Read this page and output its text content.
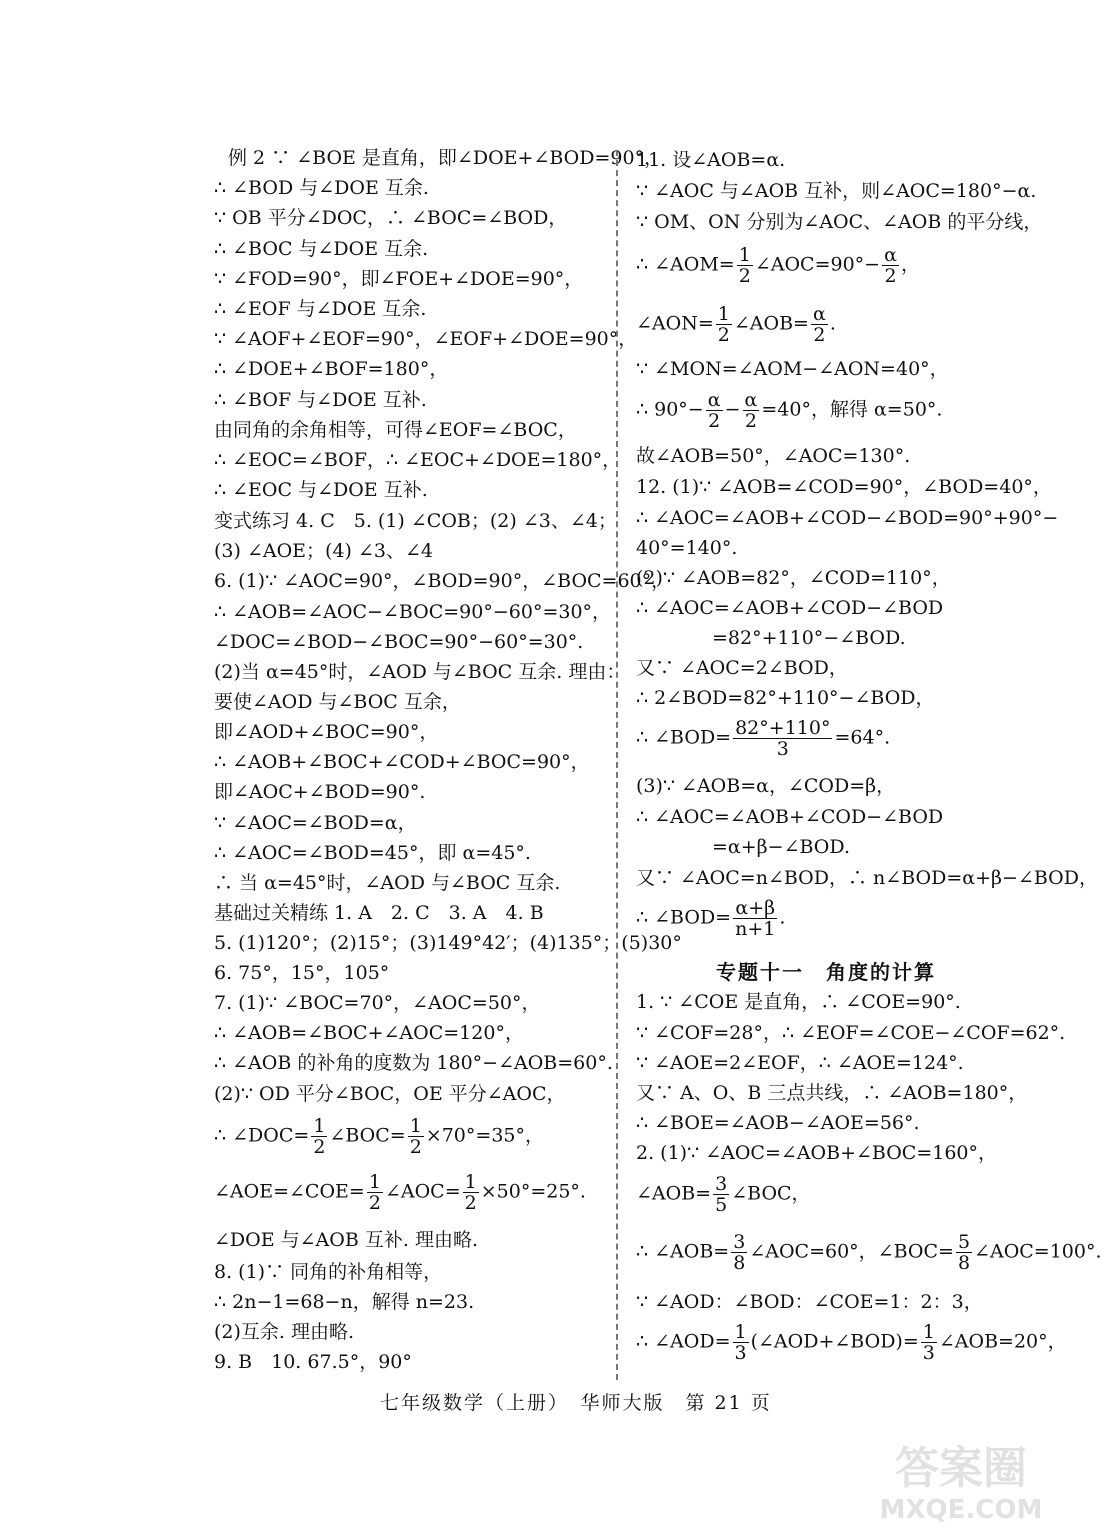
例 2 ∵ ∠BOE 是直角，即∠DOE+∠BOD=90°，
∴ ∠BOD 与∠DOE 互余.
∵ OB 平分∠DOC，∴ ∠BOC=∠BOD，
∴ ∠BOC 与∠DOE 互余.
∵ ∠FOD=90°，即∠FOE+∠DOE=90°，
∴ ∠EOF 与∠DOE 互余.
∵ ∠AOF+∠EOF=90°，∠EOF+∠DOE=90°，
∴ ∠DOE+∠BOF=180°，
∴ ∠BOF 与∠DOE 互补.
由同角的余角相等，可得∠EOF=∠BOC，
∴ ∠EOC=∠BOF，∴ ∠EOC+∠DOE=180°，
∴ ∠EOC 与∠DOE 互补.
变式练习 4. C　5. (1) ∠COB；(2) ∠3、∠4；
(3) ∠AOE；(4) ∠3、∠4
6. (1)∵ ∠AOC=90°，∠BOD=90°，∠BOC=60°，
∴ ∠AOB=∠AOC−∠BOC=90°−60°=30°，
∠DOC=∠BOD−∠BOC=90°−60°=30°.
(2)当 α=45°时，∠AOD 与∠BOC 互余. 理由：
要使∠AOD 与∠BOC 互余，
即∠AOD+∠BOC=90°，
∴ ∠AOB+∠BOC+∠COD+∠BOC=90°，
即∠AOC+∠BOD=90°.
∵ ∠AOC=∠BOD=α，
∴ ∠AOC=∠BOD=45°，即 α=45°.
∴ 当 α=45°时，∠AOD 与∠BOC 互余.
基础过关精练 1. A　2. C　3. A　4. B
5. (1)120°；(2)15°；(3)149°42′；(4)135°；(5)30°
6. 75°，15°，105°
7. (1)∵ ∠BOC=70°，∠AOC=50°，
∴ ∠AOB=∠BOC+∠AOC=120°，
∴ ∠AOB 的补角的度数为 180°−∠AOB=60°.
(2)∵ OD 平分∠BOC，OE 平分∠AOC，
∴ ∠DOC= $\frac{1}{2}$ ∠BOC= $\frac{1}{2} \times 70^\circ=35^\circ$，
∠AOE=∠COE= $\frac{1}{2}$ ∠AOC= $\frac{1}{2} \times 50^\circ=25^\circ$.
∠DOE 与∠AOB 互补. 理由略.
8. (1)∵ 同角的补角相等，
∴ 2n−1=68−n，解得 n=23.
(2)互余. 理由略.
9. B　10. 67.5°，90°
11. 设∠AOB=α.
∵ ∠AOC 与∠AOB 互补，则∠AOC=180°−α.
∵ OM、ON 分别为∠AOC、∠AOB 的平分线，
∴ ∠AOM= $\frac{1}{2}$ ∠AOC=90°− $\frac{\alpha}{2}$ ，
∠AON= $\frac{1}{2}$ ∠AOB= $\frac{\alpha}{2}$ .
∵ ∠MON=∠AOM−∠AON=40°，
∴ $90^\circ- \frac{\alpha}{2} - \frac{\alpha}{2} =40^\circ$，解得 α=50°.
故∠AOB=50°，∠AOC=130°.
12. (1)∵ ∠AOB=∠COD=90°，∠BOD=40°，
∴ ∠AOC=∠AOB+∠COD−∠BOD=90°+90°−
40°=140°.
(2)∵ ∠AOB=82°，∠COD=110°，
∴ ∠AOC=∠AOB+∠COD−∠BOD
=82°+110°−∠BOD.
又∵ ∠AOC=2∠BOD，
∴ 2∠BOD=82°+110°−∠BOD，
∴ ∠BOD= $\frac{82^\circ+110^\circ}{3} =64^\circ$.
(3)∵ ∠AOB=α，∠COD=β，
∴ ∠AOC=∠AOB+∠COD−∠BOD
=α+β−∠BOD.
又∵ ∠AOC=n∠BOD，∴ n∠BOD=α+β−∠BOD，
∴ ∠BOD= $\frac{\alpha+\beta}{n+1}$ .
专题十一　角度的计算
1. ∵ ∠COE 是直角，∴ ∠COE=90°.
∵ ∠COF=28°，∴ ∠EOF=∠COE−∠COF=62°.
∵ ∠AOE=2∠EOF，∴ ∠AOE=124°.
又∵ A、O、B 三点共线，∴ ∠AOB=180°，
∴ ∠BOE=∠AOB−∠AOE=56°.
2. (1)∵ ∠AOC=∠AOB+∠BOC=160°，
∠AOB= $\frac{3}{5}$ ∠BOC，
∴ ∠AOB= $\frac{3}{8}$ ∠AOC=60°，∠BOC= $\frac{5}{8}$ ∠AOC=100°.
∵ ∠AOD：∠BOD：∠COE=1：2：3，
∴ ∠AOD= $\frac{1}{3}$ (∠AOD+∠BOD)= $\frac{1}{3}$ ∠AOB=20°，
七年级数学（上册）　华师大版　第 21 页
答案圈
MXQE.COM
